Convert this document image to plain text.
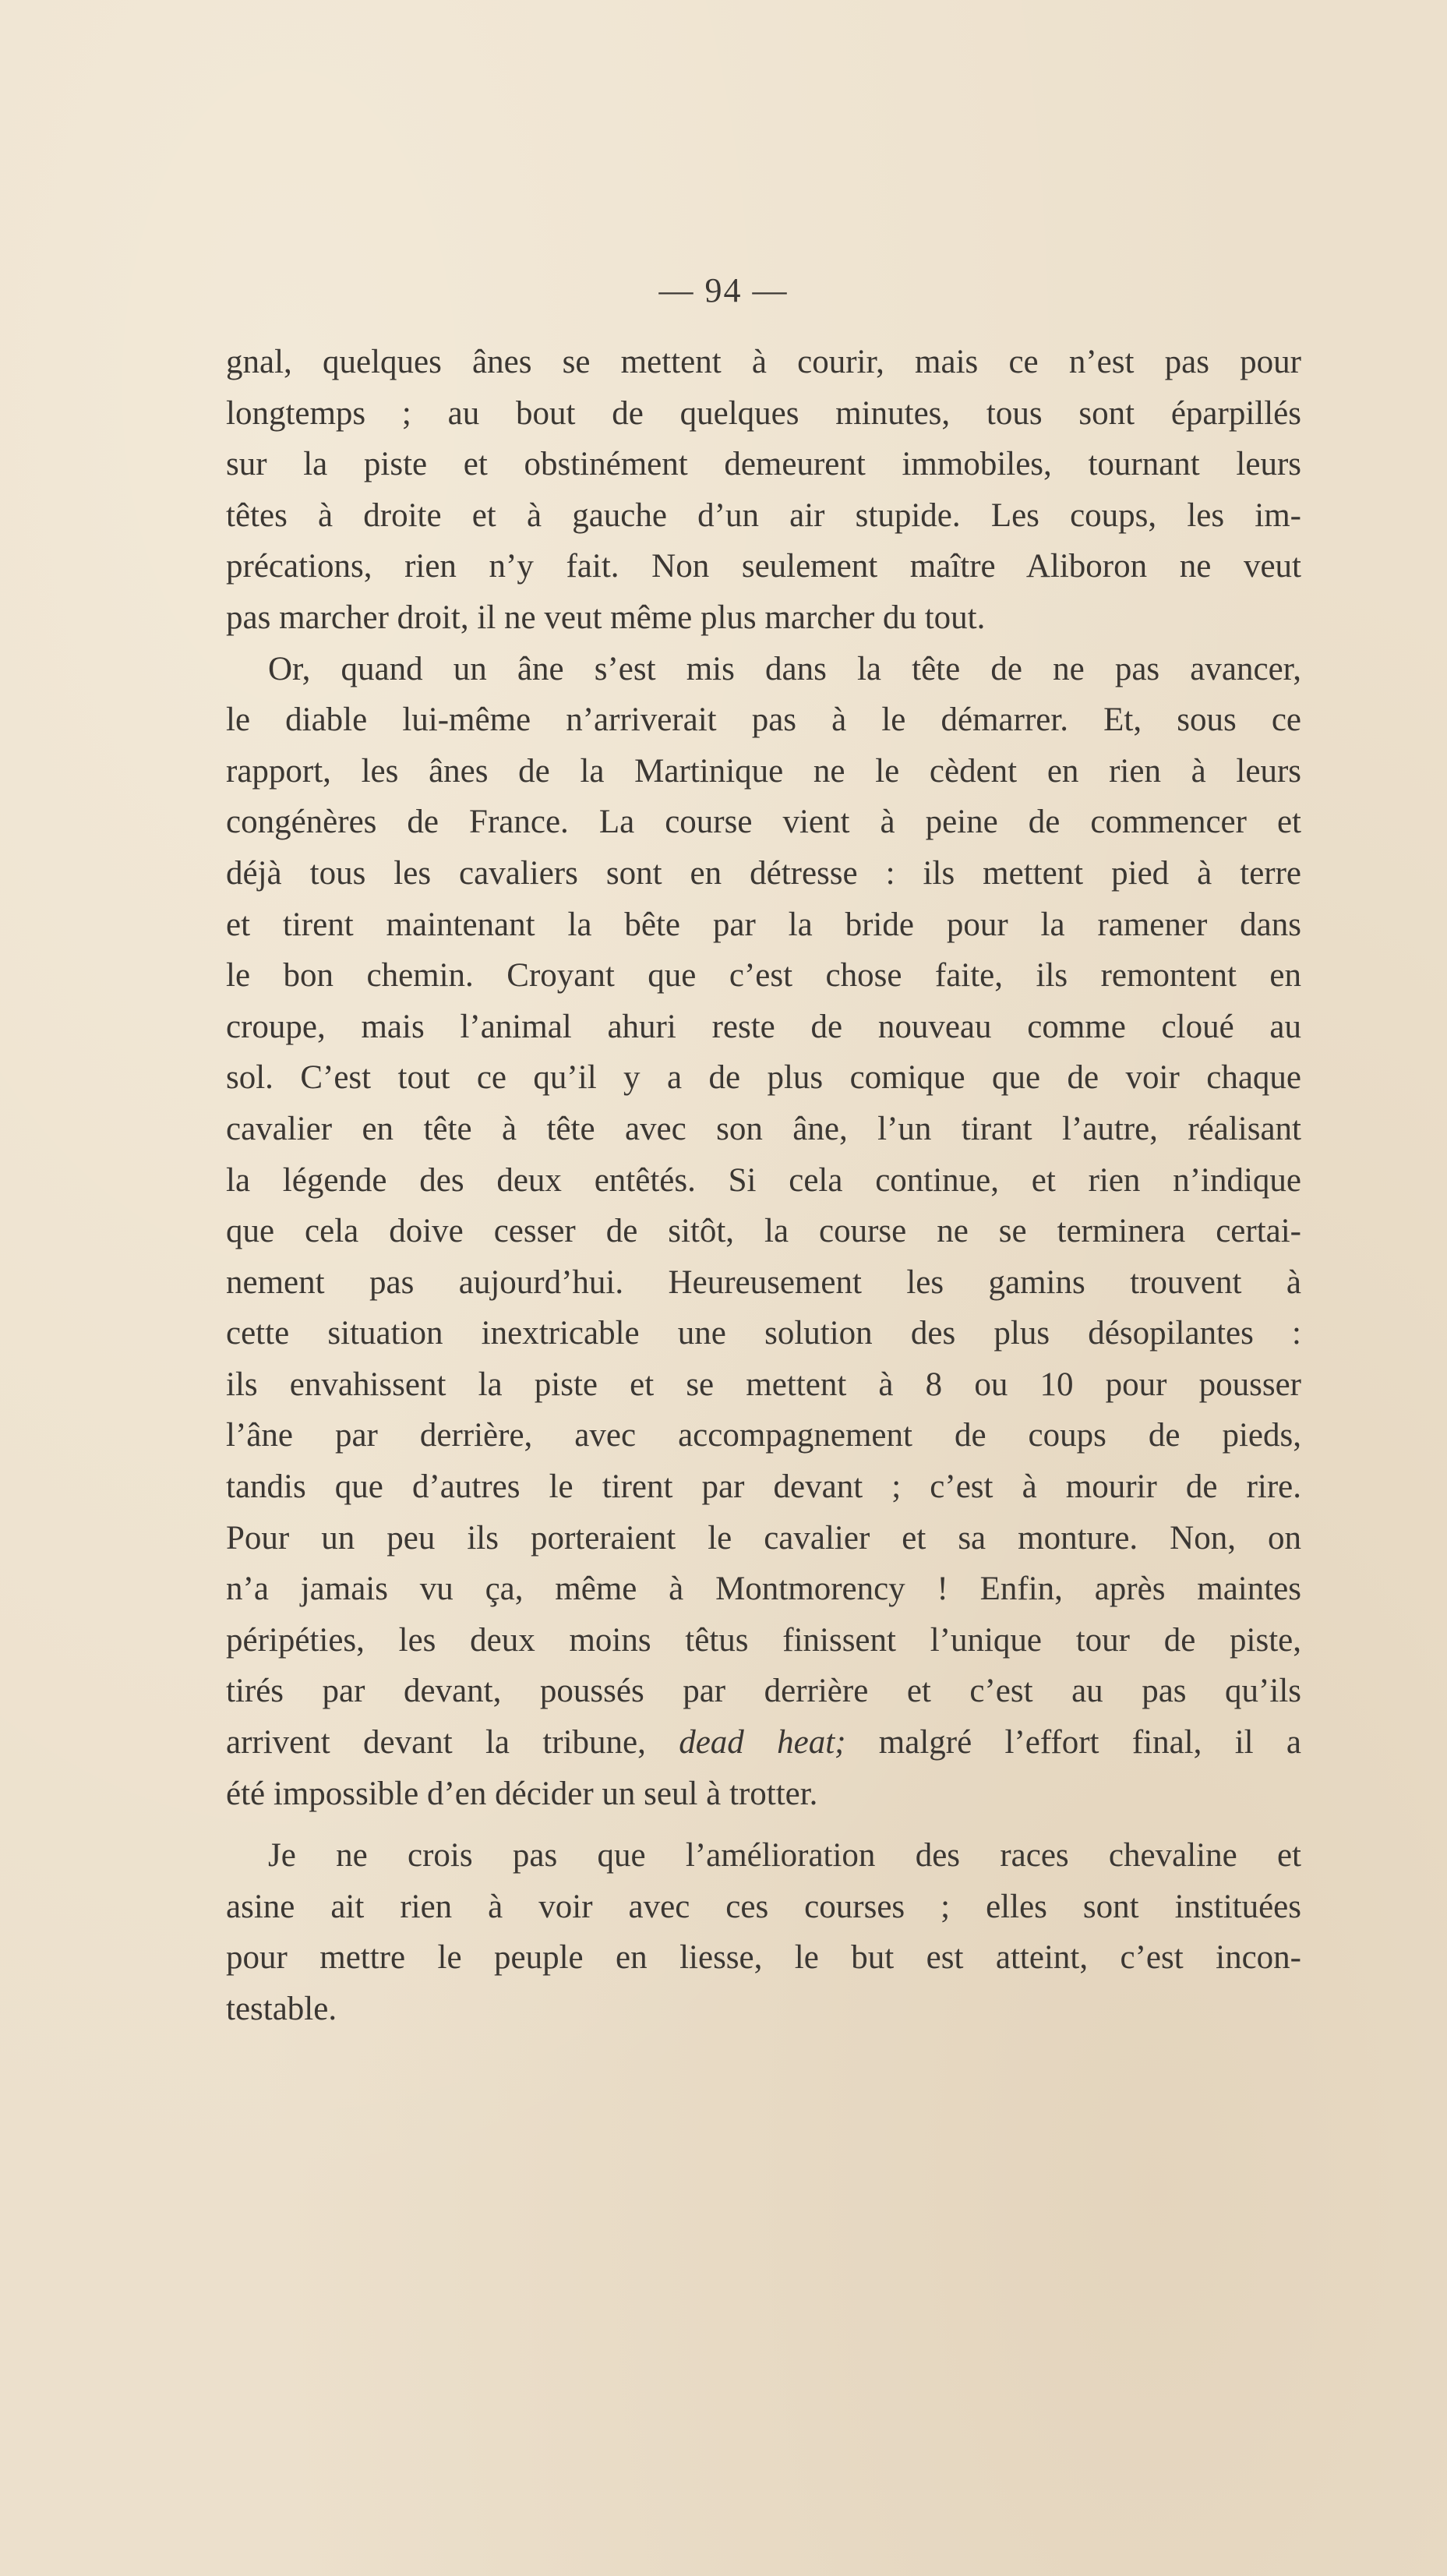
— 94 —
gnal, quelques ânes se mettent à courir, mais ce n’est pas pour
longtemps ; au bout de quelques minutes, tous sont éparpillés
sur la piste et obstinément demeurent immobiles, tournant leurs
têtes à droite et à gauche d’un air stupide. Les coups, les im-
précations, rien n’y fait. Non seulement maître Aliboron ne veut
pas marcher droit, il ne veut même plus marcher du tout.
Or, quand un âne s’est mis dans la tête de ne pas avancer,
le diable lui-même n’arriverait pas à le démarrer. Et, sous ce
rapport, les ânes de la Martinique ne le cèdent en rien à leurs
congénères de France. La course vient à peine de commencer et
déjà tous les cavaliers sont en détresse : ils mettent pied à terre
et tirent maintenant la bête par la bride pour la ramener dans
le bon chemin. Croyant que c’est chose faite, ils remontent en
croupe, mais l’animal ahuri reste de nouveau comme cloué au
sol. C’est tout ce qu’il y a de plus comique que de voir chaque
cavalier en tête à tête avec son âne, l’un tirant l’autre, réalisant
la légende des deux entêtés. Si cela continue, et rien n’indique
que cela doive cesser de sitôt, la course ne se terminera certai-
nement pas aujourd’hui. Heureusement les gamins trouvent à
cette situation inextricable une solution des plus désopilantes :
ils envahissent la piste et se mettent à 8 ou 10 pour pousser
l’âne par derrière, avec accompagnement de coups de pieds,
tandis que d’autres le tirent par devant ; c’est à mourir de rire.
Pour un peu ils porteraient le cavalier et sa monture. Non, on
n’a jamais vu ça, même à Montmorency ! Enfin, après maintes
péripéties, les deux moins têtus finissent l’unique tour de piste,
tirés par devant, poussés par derrière et c’est au pas qu’ils
arrivent devant la tribune, dead heat; malgré l’effort final, il a
été impossible d’en décider un seul à trotter.
Je ne crois pas que l’amélioration des races chevaline et
asine ait rien à voir avec ces courses ; elles sont instituées
pour mettre le peuple en liesse, le but est atteint, c’est incon-
testable.
